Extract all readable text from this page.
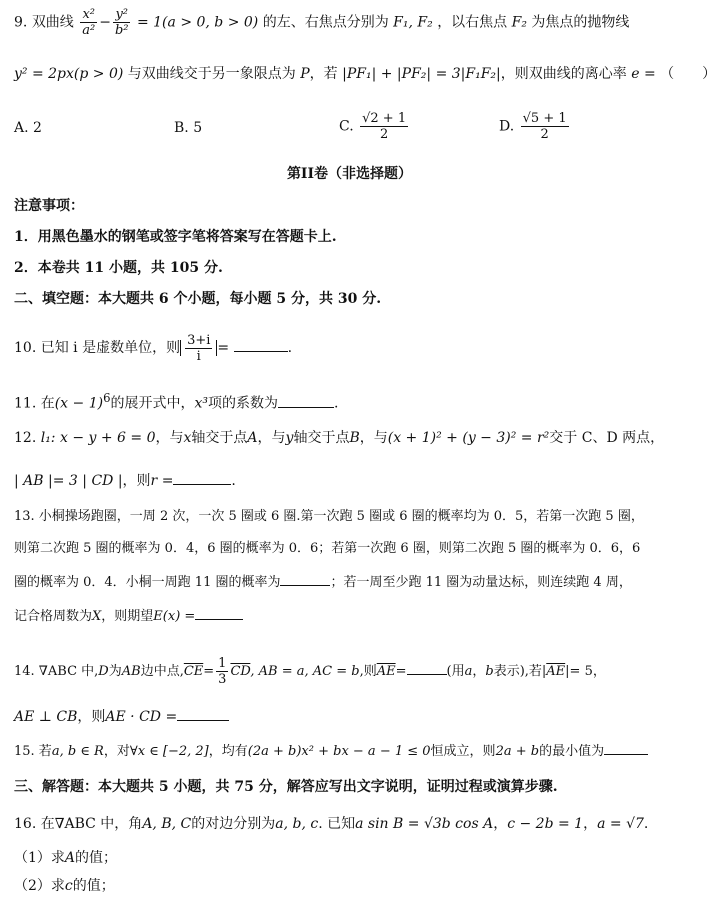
9. 双曲线 $\frac{\text{x²}}{\text{a²}} - \frac{\text{y²}}{\text{b²}} = 1(a > 0$, b > 0) 的左、右焦点分别为 F₁, F₂ ，以右焦点 F₂ 为焦点的抛物线
y² = 2px(p > 0) 与双曲线交于另一象限点为 P，若 |PF₁| + |PF₂| = 3|F₁F₂|，则双曲线的离心率 e = （　　）
A. 2	B. 5	C. $\frac{√2 + 1}{2}$	D. $\frac{√5 + 1}{2}$
第II卷（非选择题）
注意事项：
1．用黑色墨水的钢笔或签字笔将答案写在答题卡上.
2．本卷共 11 小题，共 105 分.
二、填空题：本大题共 6 个小题，每小题 5 分，共 30 分.
10. 已知 i 是虚数单位，则 $\frac{3+i}{i}$ =	.
11. 在$(x - 1)^6$的展开式中，x³项的系数为	.
12. l₁: x − y + 6 = 0，与x轴交于点A，与y轴交于点B，与(x + 1)² + (y − 3)² = r²交于 C、D 两点，
| AB |= 3 | CD |，则r =	.
13. 小桐操场跑圈，一周 2 次，一次 5 圈或 6 圈.第一次跑 5 圈或 6 圈的概率均为 0．5，若第一次跑 5 圈，
则第二次跑 5 圈的概率为 0．4，6 圈的概率为 0．6；若第一次跑 6 圈，则第二次跑 5 圈的概率为 0．6，6
圈的概率为 0．4．小桐一周跑 11 圈的概率为	；若一周至少跑 11 圈为动量达标，则连续跑 4 周，
记合格周数为X，则期望E(x) =
14. ∇ABC 中,D为AB边中点$,\overline{CE}= \frac{1}{3} \overline{CD}$, AB = a, AC = b,则$\overline{AE}=$	(用a，b表示),若$|\overline{AE}|= 5$，
AE ⊥ CB，则AE · CD =
15. 若a, b ∈ R，对∀x ∈ [−2, 2]，均有(2a + b)x² + bx − a − 1 ≤ 0恒成立，则2a + b的最小值为
三、解答题：本大题共 5 小题，共 75 分，解答应写出文字说明，证明过程或演算步骤.
16. 在∇ABC 中，角A, B, C的对边分别为a, b, c. 已知a sin B = √3b cos A，c − 2b = 1，a = √7.
（1）求A的值；
（2）求c的值；
